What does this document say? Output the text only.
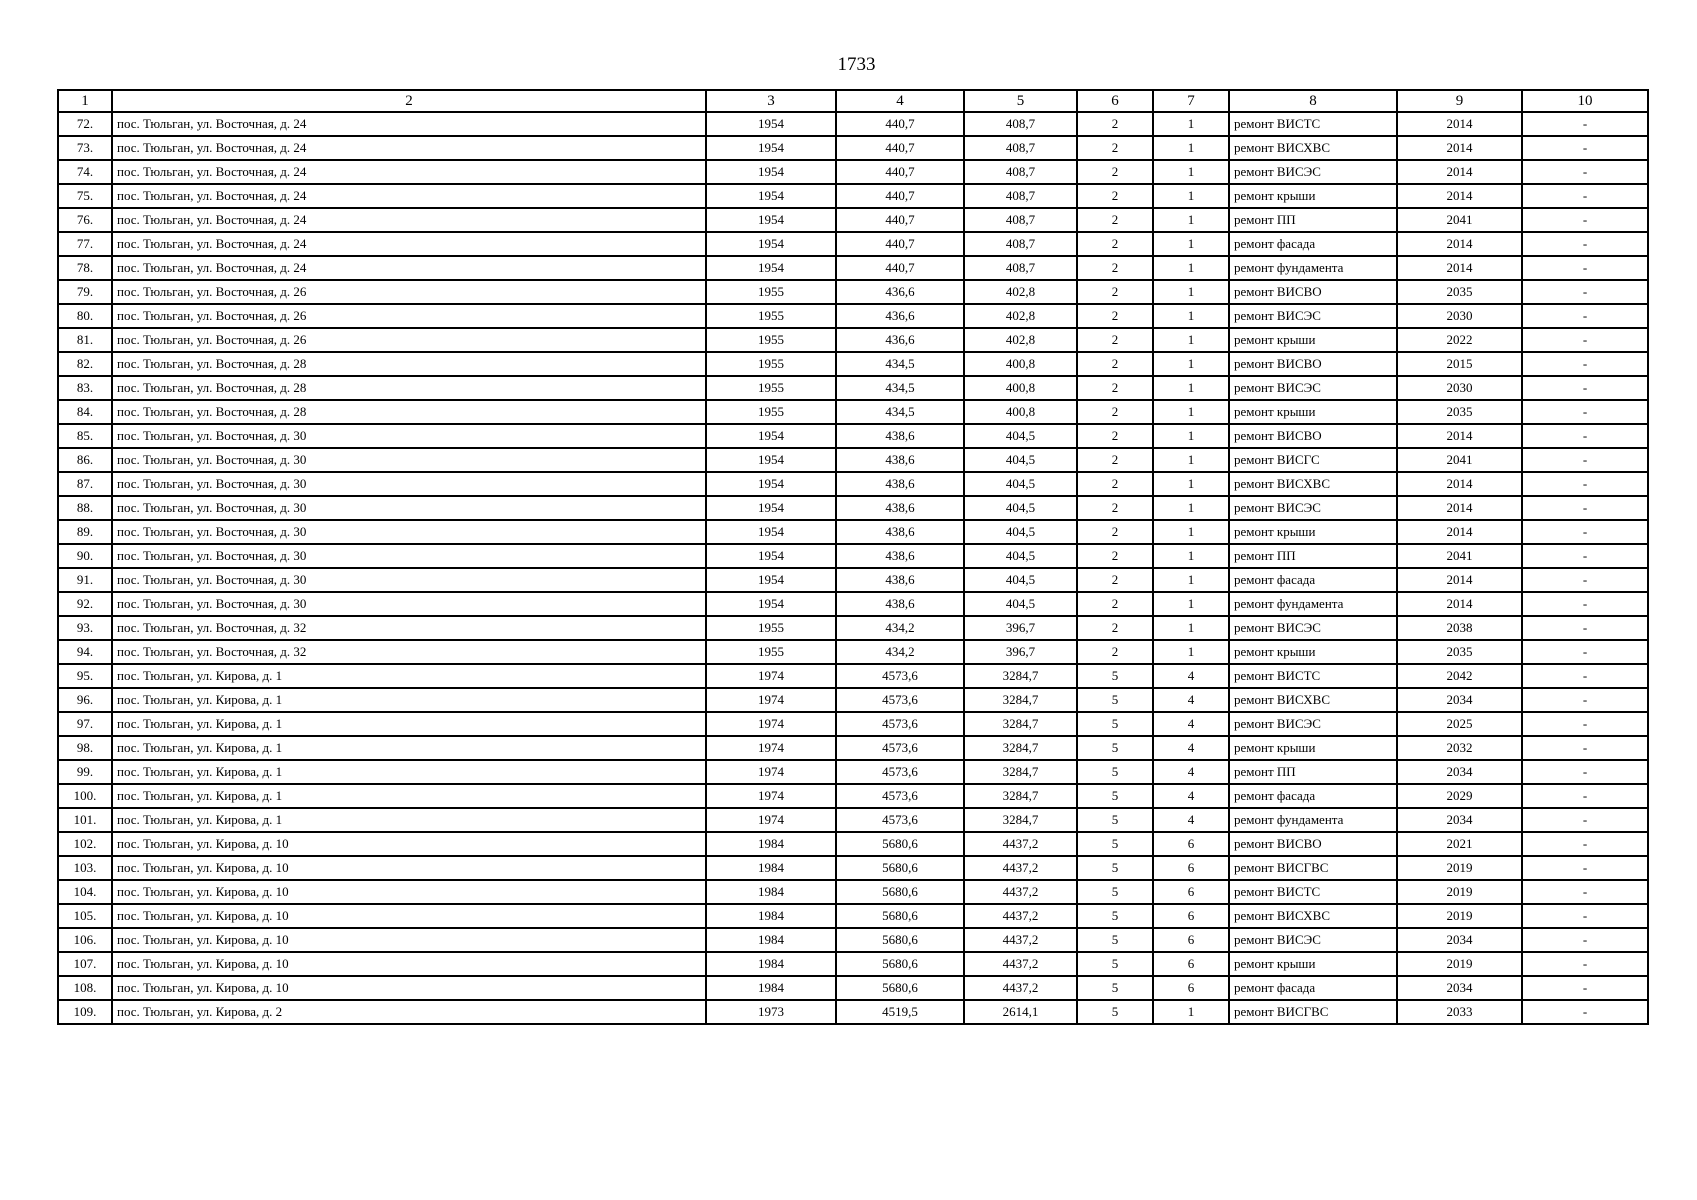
1733
1	2	3	4	5	6	7	8	9	10
72.	пос. Тюльган, ул. Восточная, д. 24	1954	440,7	408,7	2	1	ремонт ВИСТС	2014	-
73.	пос. Тюльган, ул. Восточная, д. 24	1954	440,7	408,7	2	1	ремонт ВИСХВС	2014	-
74.	пос. Тюльган, ул. Восточная, д. 24	1954	440,7	408,7	2	1	ремонт ВИСЭС	2014	-
75.	пос. Тюльган, ул. Восточная, д. 24	1954	440,7	408,7	2	1	ремонт крыши	2014	-
76.	пос. Тюльган, ул. Восточная, д. 24	1954	440,7	408,7	2	1	ремонт ПП	2041	-
77.	пос. Тюльган, ул. Восточная, д. 24	1954	440,7	408,7	2	1	ремонт фасада	2014	-
78.	пос. Тюльган, ул. Восточная, д. 24	1954	440,7	408,7	2	1	ремонт фундамента	2014	-
79.	пос. Тюльган, ул. Восточная, д. 26	1955	436,6	402,8	2	1	ремонт ВИСВО	2035	-
80.	пос. Тюльган, ул. Восточная, д. 26	1955	436,6	402,8	2	1	ремонт ВИСЭС	2030	-
81.	пос. Тюльган, ул. Восточная, д. 26	1955	436,6	402,8	2	1	ремонт крыши	2022	-
82.	пос. Тюльган, ул. Восточная, д. 28	1955	434,5	400,8	2	1	ремонт ВИСВО	2015	-
83.	пос. Тюльган, ул. Восточная, д. 28	1955	434,5	400,8	2	1	ремонт ВИСЭС	2030	-
84.	пос. Тюльган, ул. Восточная, д. 28	1955	434,5	400,8	2	1	ремонт крыши	2035	-
85.	пос. Тюльган, ул. Восточная, д. 30	1954	438,6	404,5	2	1	ремонт ВИСВО	2014	-
86.	пос. Тюльган, ул. Восточная, д. 30	1954	438,6	404,5	2	1	ремонт ВИСГС	2041	-
87.	пос. Тюльган, ул. Восточная, д. 30	1954	438,6	404,5	2	1	ремонт ВИСХВС	2014	-
88.	пос. Тюльган, ул. Восточная, д. 30	1954	438,6	404,5	2	1	ремонт ВИСЭС	2014	-
89.	пос. Тюльган, ул. Восточная, д. 30	1954	438,6	404,5	2	1	ремонт крыши	2014	-
90.	пос. Тюльган, ул. Восточная, д. 30	1954	438,6	404,5	2	1	ремонт ПП	2041	-
91.	пос. Тюльган, ул. Восточная, д. 30	1954	438,6	404,5	2	1	ремонт фасада	2014	-
92.	пос. Тюльган, ул. Восточная, д. 30	1954	438,6	404,5	2	1	ремонт фундамента	2014	-
93.	пос. Тюльган, ул. Восточная, д. 32	1955	434,2	396,7	2	1	ремонт ВИСЭС	2038	-
94.	пос. Тюльган, ул. Восточная, д. 32	1955	434,2	396,7	2	1	ремонт крыши	2035	-
95.	пос. Тюльган, ул. Кирова, д. 1	1974	4573,6	3284,7	5	4	ремонт ВИСТС	2042	-
96.	пос. Тюльган, ул. Кирова, д. 1	1974	4573,6	3284,7	5	4	ремонт ВИСХВС	2034	-
97.	пос. Тюльган, ул. Кирова, д. 1	1974	4573,6	3284,7	5	4	ремонт ВИСЭС	2025	-
98.	пос. Тюльган, ул. Кирова, д. 1	1974	4573,6	3284,7	5	4	ремонт крыши	2032	-
99.	пос. Тюльган, ул. Кирова, д. 1	1974	4573,6	3284,7	5	4	ремонт ПП	2034	-
100.	пос. Тюльган, ул. Кирова, д. 1	1974	4573,6	3284,7	5	4	ремонт фасада	2029	-
101.	пос. Тюльган, ул. Кирова, д. 1	1974	4573,6	3284,7	5	4	ремонт фундамента	2034	-
102.	пос. Тюльган, ул. Кирова, д. 10	1984	5680,6	4437,2	5	6	ремонт ВИСВО	2021	-
103.	пос. Тюльган, ул. Кирова, д. 10	1984	5680,6	4437,2	5	6	ремонт ВИСГВС	2019	-
104.	пос. Тюльган, ул. Кирова, д. 10	1984	5680,6	4437,2	5	6	ремонт ВИСТС	2019	-
105.	пос. Тюльган, ул. Кирова, д. 10	1984	5680,6	4437,2	5	6	ремонт ВИСХВС	2019	-
106.	пос. Тюльган, ул. Кирова, д. 10	1984	5680,6	4437,2	5	6	ремонт ВИСЭС	2034	-
107.	пос. Тюльган, ул. Кирова, д. 10	1984	5680,6	4437,2	5	6	ремонт крыши	2019	-
108.	пос. Тюльган, ул. Кирова, д. 10	1984	5680,6	4437,2	5	6	ремонт фасада	2034	-
109.	пос. Тюльган, ул. Кирова, д. 2	1973	4519,5	2614,1	5	1	ремонт ВИСГВС	2033	-
